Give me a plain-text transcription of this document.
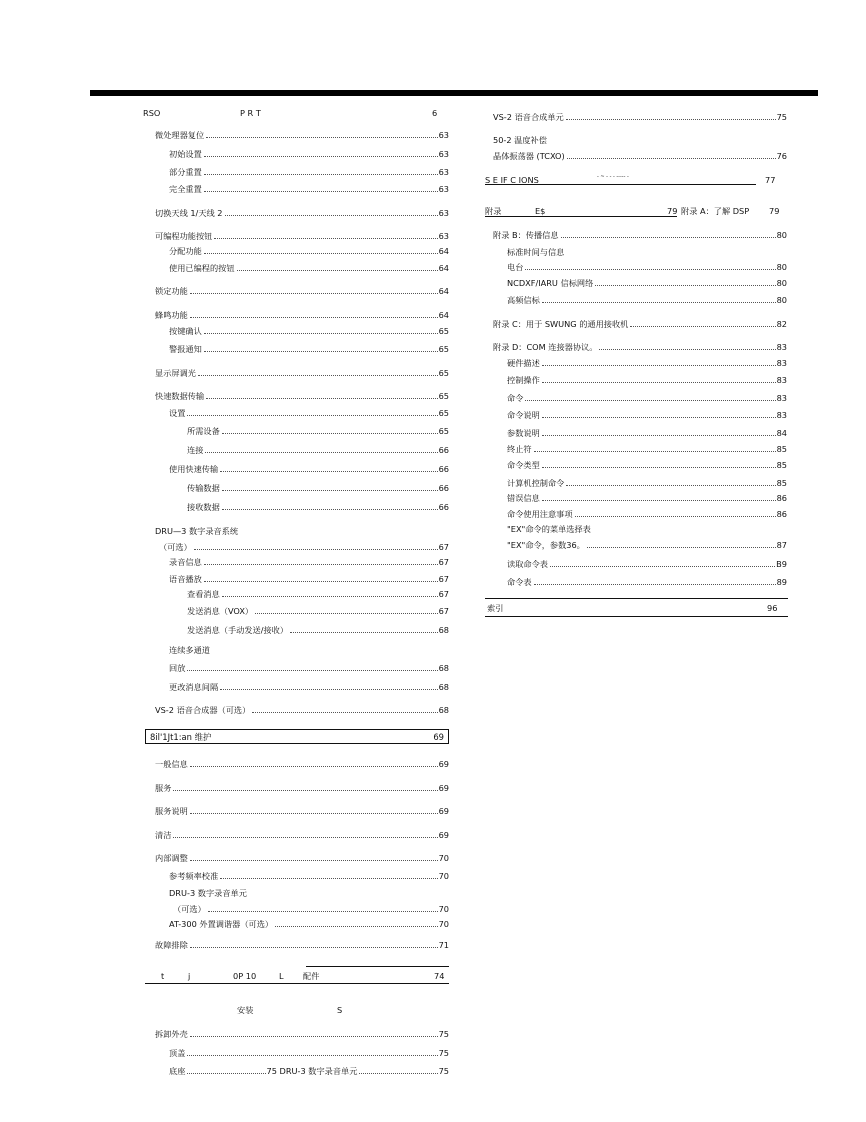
RSO	P R T	6
微处理器复位	63
初始设置	63
部分重置	63
完全重置	63
切换天线 1/天线 2	63
可编程功能按钮	63
分配功能	64
使用已编程的按钮	64
锁定功能	64
蜂鸣功能	64
按键确认	65
警报通知	65
显示屏调光	65
快速数据传输	65
设置	65
所需设备	65
连接	66
使用快速传输	66
传输数据	66
接收数据	66
DRU—3 数字录音系统
（可选）	67
录音信息	67
语音播放	67
查看消息	67
发送消息（VOX）	67
发送消息（手动发送/接收）	68
连续多通道
回放	68
更改消息间隔	68
VS-2 语音合成器（可选）	68
8il'1Jt1:an 维护	69
一般信息	69
服务	69
服务说明	69
清洁	69
内部调整	70
参考频率校准	70
DRU-3 数字录音单元
（可选）	70
AT-300 外置调谐器（可选）	70
故障排除	71
t	j	0P 10	L 配件	74
安装	S
拆卸外壳	75
顶盖	75
底座	75 DRU-3 数字录音单元	75
VS-2 语音合成单元	75
50-2 温度补偿
晶体振荡器 (TCXO)	76
S E IF C IONS	- ~ - - - ----- -	77
附录	E$	79 附录 A：了解 DSP 79
附录 B：传播信息	80
标准时间与信息
电台	80
NCDXF/IARU 信标网络	80
高频信标	80
附录 C：用于 SWUNG 的通用接收机	82
附录 D：COM 连接器协议。	83
硬件描述	83
控制操作	83
命令	83
命令说明	83
参数说明	84
终止符	85
命令类型	85
计算机控制命令	85
错误信息	86
命令使用注意事项	86
"EX"命令的菜单选择表
"EX"命令，参数36。	87
读取命令表	B9
命令表	89
索引	96
